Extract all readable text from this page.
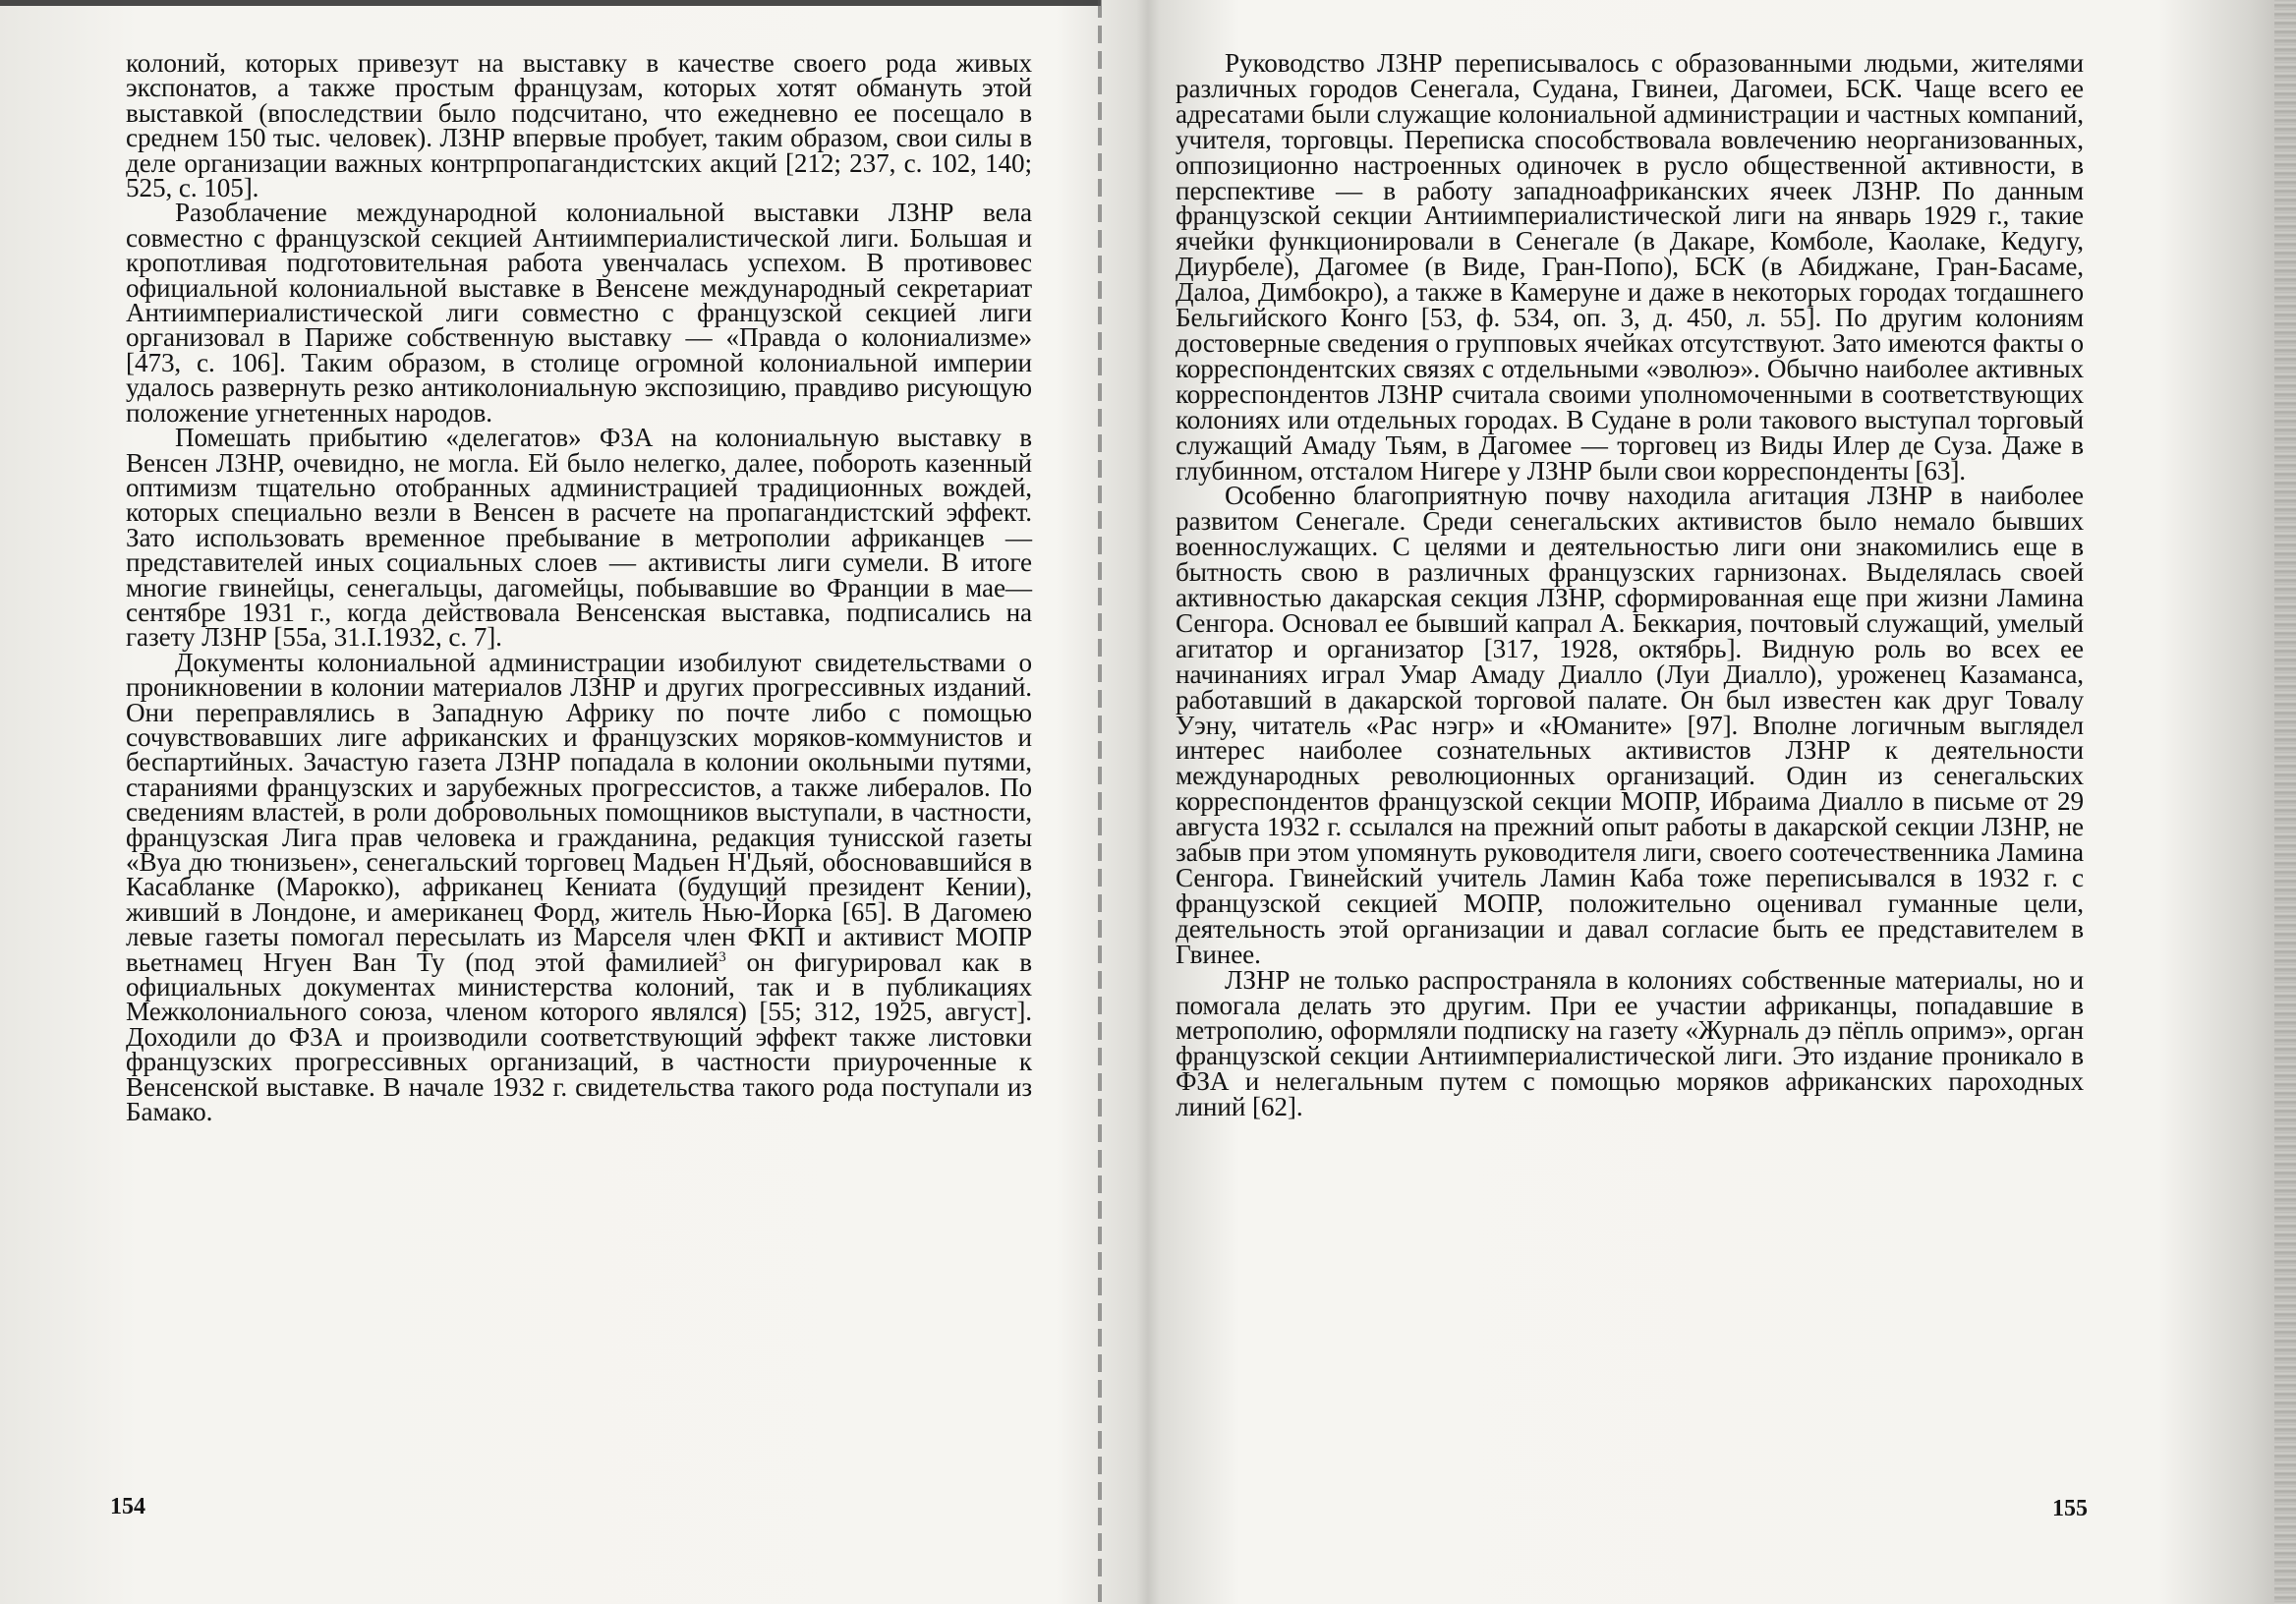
колоний, которых привезут на выставку в качестве своего рода живых экспонатов, а также простым французам, которых хотят обмануть этой выставкой (впоследствии было подсчитано, что ежедневно ее посещало в среднем 150 тыс. человек). ЛЗНР впервые пробует, таким образом, свои силы в деле организации важных контрпропагандистских акций [212; 237, с. 102, 140; 525, с. 105].

Разоблачение международной колониальной выставки ЛЗНР вела совместно с французской секцией Антиимпериалистической лиги. Большая и кропотливая подготовительная работа увенчалась успехом. В противовес официальной колониальной выставке в Венсене международный секретариат Антиимпериалистической лиги совместно с французской секцией лиги организовал в Париже собственную выставку — «Правда о колониализме» [473, с. 106]. Таким образом, в столице огромной колониальной империи удалось развернуть резко антиколониальную экспозицию, правдиво рисующую положение угнетенных народов.

Помешать прибытию «делегатов» ФЗА на колониальную выставку в Венсен ЛЗНР, очевидно, не могла. Ей было нелегко, далее, побороть казенный оптимизм тщательно отобранных администрацией традиционных вождей, которых специально везли в Венсен в расчете на пропагандистский эффект. Зато использовать временное пребывание в метрополии африканцев — представителей иных социальных слоев — активисты лиги сумели. В итоге многие гвинейцы, сенегальцы, дагомейцы, побывавшие во Франции в мае—сентябре 1931 г., когда действовала Венсенская выставка, подписались на газету ЛЗНР [55а, 31.I.1932, с. 7].

Документы колониальной администрации изобилуют свидетельствами о проникновении в колонии материалов ЛЗНР и других прогрессивных изданий. Они переправлялись в Западную Африку по почте либо с помощью сочувствовавших лиге африканских и французских моряков-коммунистов и беспартийных. Зачастую газета ЛЗНР попадала в колонии окольными путями, стараниями французских и зарубежных прогрессистов, а также либералов. По сведениям властей, в роли добровольных помощников выступали, в частности, французская Лига прав человека и гражданина, редакция тунисской газеты «Вуа дю тюнизьен», сенегальский торговец Мадьен Н'Дьяй, обосновавшийся в Касабланке (Марокко), африканец Кениата (будущий президент Кении), живший в Лондоне, и американец Форд, житель Нью-Йорка [65]. В Дагомею левые газеты помогал пересылать из Марселя член ФКП и активист МОПР вьетнамец Нгуен Ван Ту (под этой фамилией$^3$ он фигурировал как в официальных документах министерства колоний, так и в публикациях Межколониального союза, членом которого являлся) [55; 312, 1925, август]. Доходили до ФЗА и производили соответствующий эффект также листовки французских прогрессивных организаций, в частности приуроченные к Венсенской выставке. В начале 1932 г. свидетельства такого рода поступали из Бамако.

Руководство ЛЗНР переписывалось с образованными людьми, жителями различных городов Сенегала, Судана, Гвинеи, Дагомеи, БСК. Чаще всего ее адресатами были служащие колониальной администрации и частных компаний, учителя, торговцы. Переписка способствовала вовлечению неорганизованных, оппозиционно настроенных одиночек в русло общественной активности, в перспективе — в работу западноафриканских ячеек ЛЗНР. По данным французской секции Антиимпериалистической лиги на январь 1929 г., такие ячейки функционировали в Сенегале (в Дакаре, Комболе, Каолаке, Кедугу, Диурбеле), Дагомее (в Виде, Гран-Попо), БСК (в Абиджане, Гран-Басаме, Далоа, Димбокро), а также в Камеруне и даже в некоторых городах тогдашнего Бельгийского Конго [53, ф. 534, оп. 3, д. 450, л. 55]. По другим колониям достоверные сведения о групповых ячейках отсутствуют. Зато имеются факты о корреспондентских связях с отдельными «эволюэ». Обычно наиболее активных корреспондентов ЛЗНР считала своими уполномоченными в соответствующих колониях или отдельных городах. В Судане в роли такового выступал торговый служащий Амаду Тьям, в Дагомее — торговец из Виды Илер де Суза. Даже в глубинном, отсталом Нигере у ЛЗНР были свои корреспонденты [63].

Особенно благоприятную почву находила агитация ЛЗНР в наиболее развитом Сенегале. Среди сенегальских активистов было немало бывших военнослужащих. С целями и деятельностью лиги они знакомились еще в бытность свою в различных французских гарнизонах. Выделялась своей активностью дакарская секция ЛЗНР, сформированная еще при жизни Ламина Сенгора. Основал ее бывший капрал А. Беккария, почтовый служащий, умелый агитатор и организатор [317, 1928, октябрь]. Видную роль во всех ее начинаниях играл Умар Амаду Диалло (Луи Диалло), уроженец Казаманса, работавший в дакарской торговой палате. Он был известен как друг Товалу Уэну, читатель «Рас нэгр» и «Юманите» [97]. Вполне логичным выглядел интерес наиболее сознательных активистов ЛЗНР к деятельности международных революционных организаций. Один из сенегальских корреспондентов французской секции МОПР, Ибраима Диалло в письме от 29 августа 1932 г. ссылался на прежний опыт работы в дакарской секции ЛЗНР, не забыв при этом упомянуть руководителя лиги, своего соотечественника Ламина Сенгора. Гвинейский учитель Ламин Каба тоже переписывался в 1932 г. с французской секцией МОПР, положительно оценивал гуманные цели, деятельность этой организации и давал согласие быть ее представителем в Гвинее.

ЛЗНР не только распространяла в колониях собственные материалы, но и помогала делать это другим. При ее участии африканцы, попадавшие в метрополию, оформляли подписку на газету «Журналь дэ пёпль опримэ», орган французской секции Антиимпериалистической лиги. Это издание проникало в ФЗА и нелегальным путем с помощью моряков африканских пароходных линий [62].

154	155
